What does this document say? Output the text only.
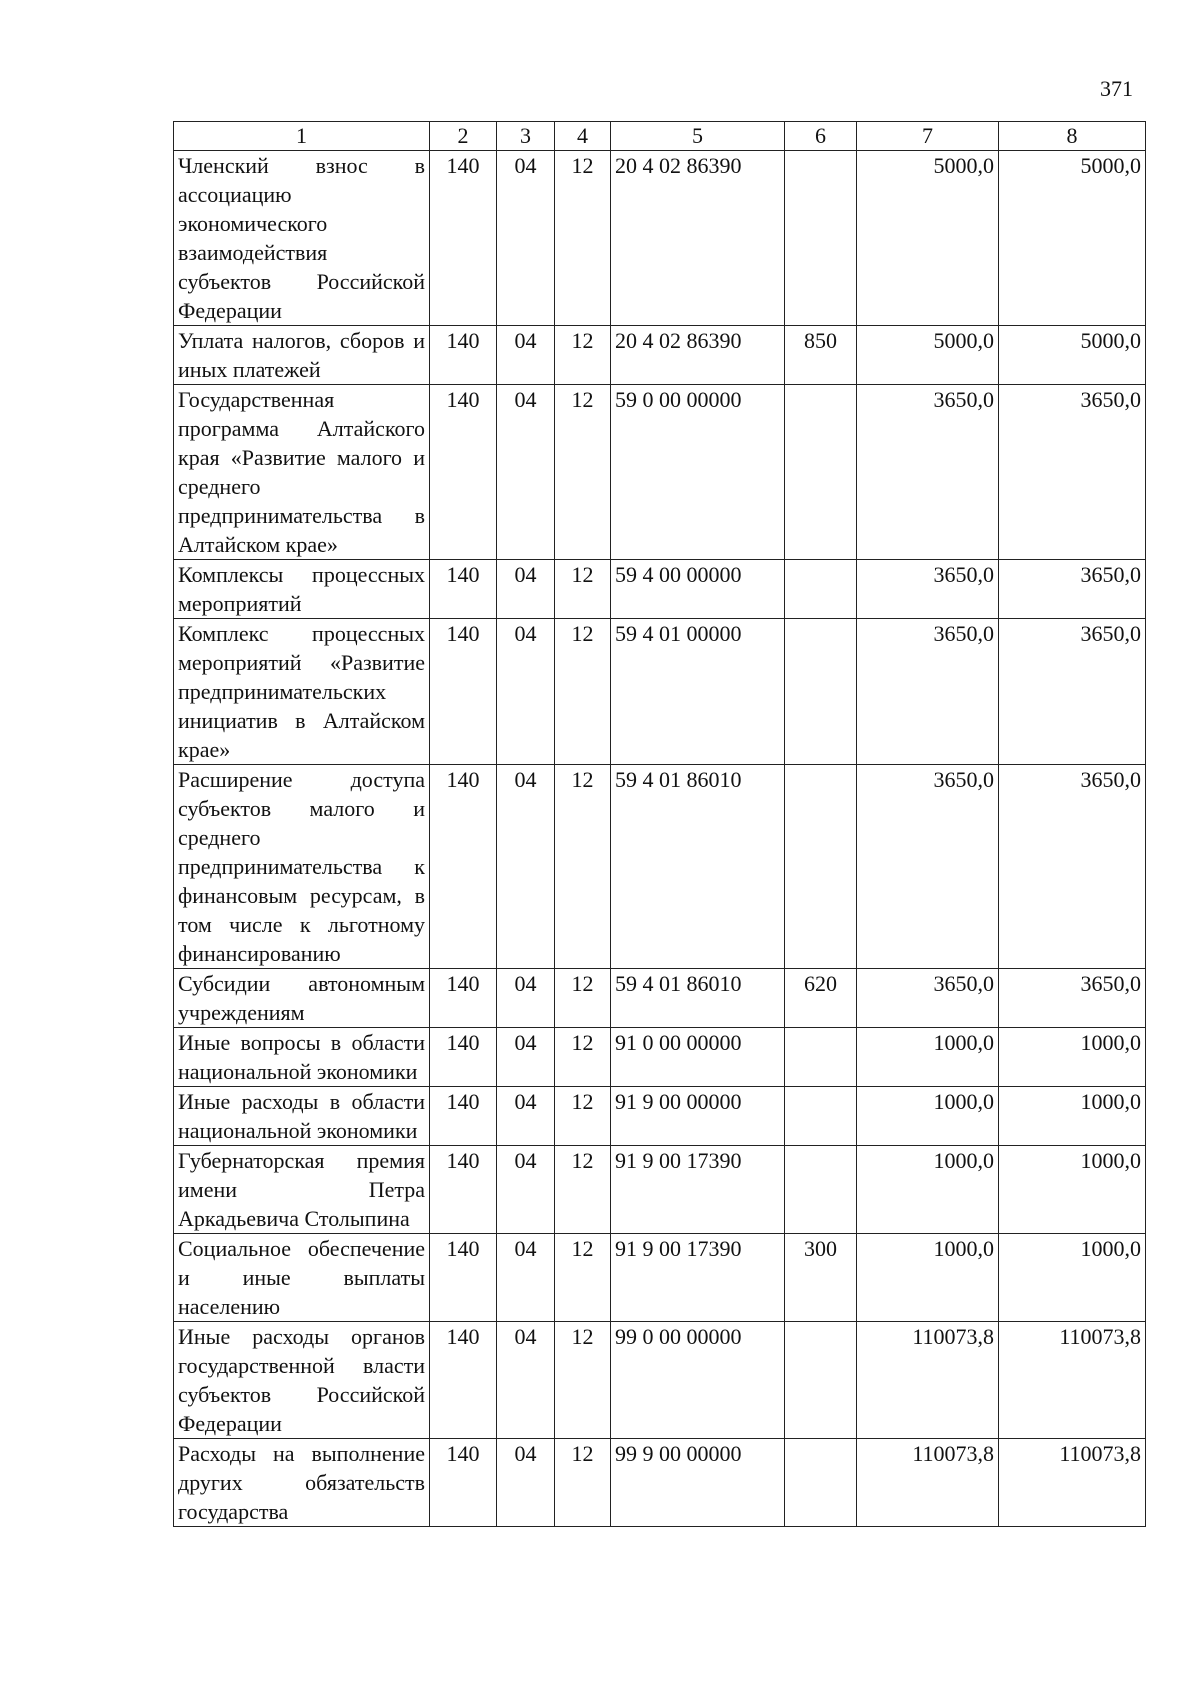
371
1	2	3	4	5	6	7	8
Членский взнос в ассоциацию экономического взаимодействия субъектов Российской Федерации	140	04	12	20 4 02 86390		5000,0	5000,0
Уплата налогов, сборов и иных платежей	140	04	12	20 4 02 86390	850	5000,0	5000,0
Государственная программа Алтайского края «Развитие малого и среднего предпринимательства в Алтайском крае»	140	04	12	59 0 00 00000		3650,0	3650,0
Комплексы процессных мероприятий	140	04	12	59 4 00 00000		3650,0	3650,0
Комплекс процессных мероприятий «Развитие предпринимательских инициатив в Алтайском крае»	140	04	12	59 4 01 00000		3650,0	3650,0
Расширение доступа субъектов малого и среднего предпринимательства к финансовым ресурсам, в том числе к льготному финансированию	140	04	12	59 4 01 86010		3650,0	3650,0
Субсидии автономным учреждениям	140	04	12	59 4 01 86010	620	3650,0	3650,0
Иные вопросы в области национальной экономики	140	04	12	91 0 00 00000		1000,0	1000,0
Иные расходы в области национальной экономики	140	04	12	91 9 00 00000		1000,0	1000,0
Губернаторская премия имени Петра Аркадьевича Столыпина	140	04	12	91 9 00 17390		1000,0	1000,0
Социальное обеспечение и иные выплаты населению	140	04	12	91 9 00 17390	300	1000,0	1000,0
Иные расходы органов государственной власти субъектов Российской Федерации	140	04	12	99 0 00 00000		110073,8	110073,8
Расходы на выполнение других обязательств государства	140	04	12	99 9 00 00000		110073,8	110073,8
